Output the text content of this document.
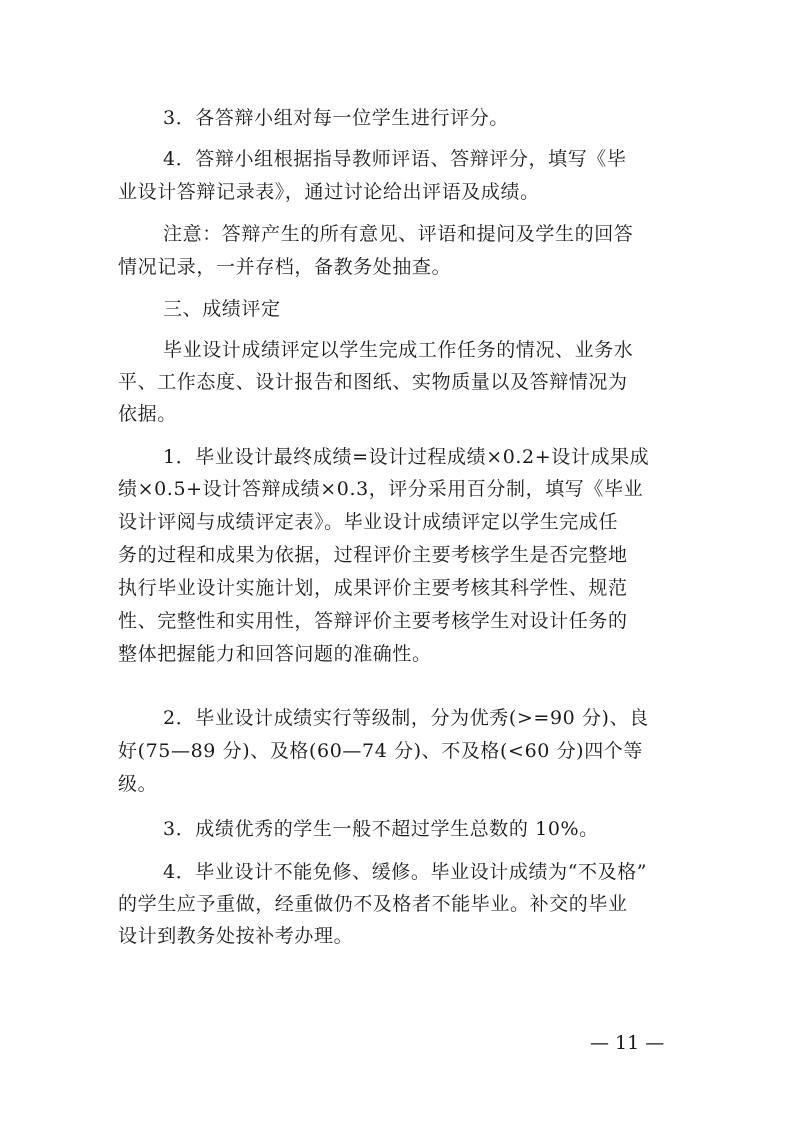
3．各答辩小组对每一位学生进行评分。
4．答辩小组根据指导教师评语、答辩评分，填写《毕
业设计答辩记录表》，通过讨论给出评语及成绩。
注意：答辩产生的所有意见、评语和提问及学生的回答
情况记录，一并存档，备教务处抽查。
三、成绩评定
毕业设计成绩评定以学生完成工作任务的情况、业务水
平、工作态度、设计报告和图纸、实物质量以及答辩情况为
依据。
1．毕业设计最终成绩=设计过程成绩×0.2+设计成果成
绩×0.5+设计答辩成绩×0.3，评分采用百分制，填写《毕业
设计评阅与成绩评定表》。毕业设计成绩评定以学生完成任
务的过程和成果为依据，过程评价主要考核学生是否完整地
执行毕业设计实施计划，成果评价主要考核其科学性、规范
性、完整性和实用性，答辩评价主要考核学生对设计任务的
整体把握能力和回答问题的准确性。
2．毕业设计成绩实行等级制，分为优秀(>=90 分)、良
好(75—89 分)、及格(60—74 分)、不及格(<60 分)四个等
级。
3．成绩优秀的学生一般不超过学生总数的 10%。
4．毕业设计不能免修、缓修。毕业设计成绩为“不及格”
的学生应予重做，经重做仍不及格者不能毕业。补交的毕业
设计到教务处按补考办理。
— 11 —
